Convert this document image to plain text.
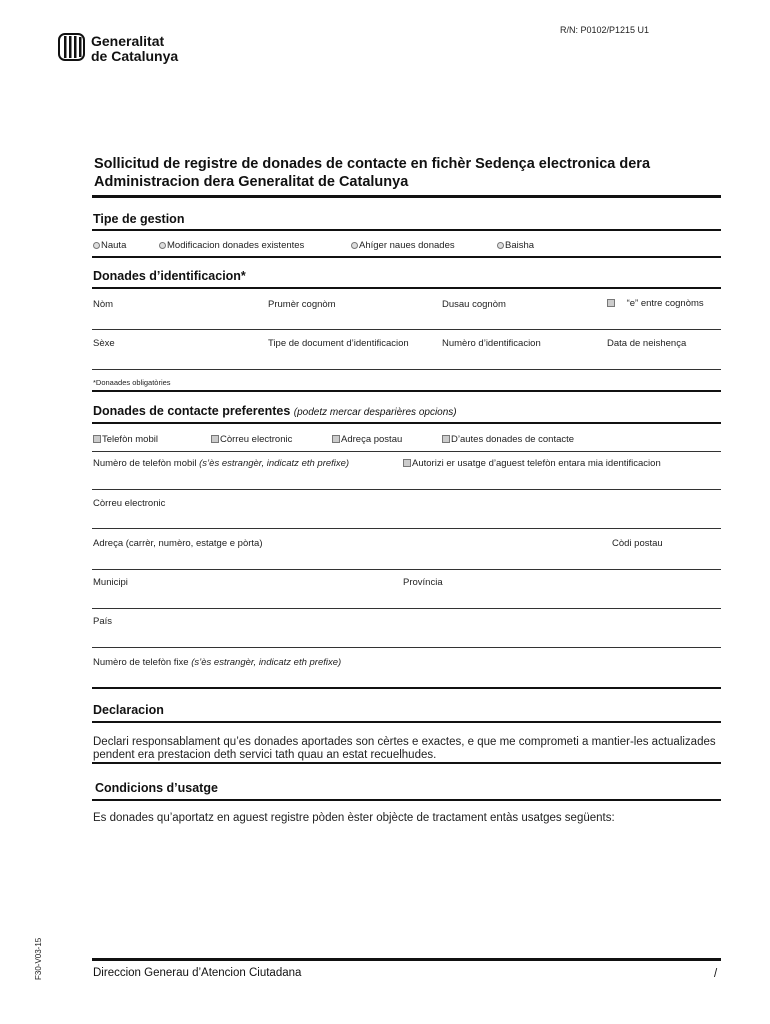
R/N: P0102/P1215 U1
Generalitat
de Catalunya
Sollicitud de registre de donades de contacte en fichèr Sedença electronica dera Administracion dera Generalitat de Catalunya
Tipe de gestion
Nauta	Modificacion donades existentes	Ahíger naues donades	Baisha
Donades d’identificacion*
Nòm	Prumèr cognòm	Dusau cognòm	“e” entre cognòms
Sèxe	Tipe de document d’identificacion	Numèro d’identificacion	Data de neishença
*Donaades obligatòries
Donades de contacte preferentes (podetz mercar desparières opcions)
Telefòn mobil	Còrreu electronic	Adreça postau	D’autes donades de contacte
Numèro de telefòn mobil (s’ès estrangèr, indicatz eth prefixe)	Autorizi er usatge d’aguest telefòn entara mia identificacion
Còrreu electronic
Adreça (carrèr, numèro, estatge e pòrta)	Còdi postau
Municipi	Província
País
Numèro de telefòn fixe (s’ès estrangèr, indicatz eth prefixe)
Declaracion
Declari responsablament qu’es donades aportades son cèrtes e exactes, e que me comprometi a mantier-les actualizades pendent era prestacion deth servici tath quau an estat recuelhudes.
Condicions d’usatge
Es donades qu’aportatz en aguest registre pòden èster objècte de tractament entàs usatges següents:
F30-V03-15	Direccion Generau d’Atencion Ciutadana	/
